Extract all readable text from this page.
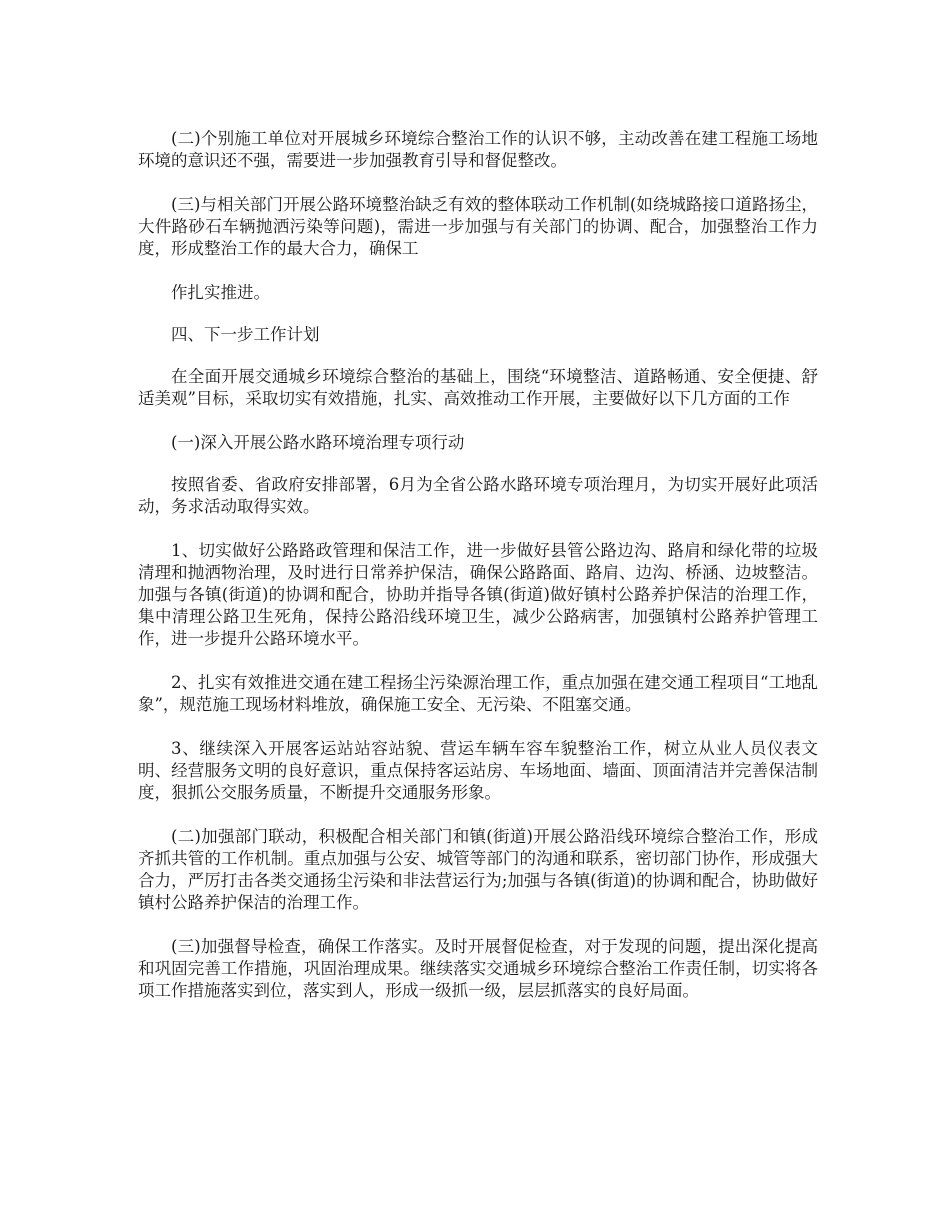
(二)个别施工单位对开展城乡环境综合整治工作的认识不够，主动改善在建工程施工场地环境的意识还不强，需要进一步加强教育引导和督促整改。

(三)与相关部门开展公路环境整治缺乏有效的整体联动工作机制(如绕城路接口道路扬尘，大件路砂石车辆抛洒污染等问题)，需进一步加强与有关部门的协调、配合，加强整治工作力度，形成整治工作的最大合力，确保工

作扎实推进。

四、下一步工作计划

在全面开展交通城乡环境综合整治的基础上，围绕“环境整洁、道路畅通、安全便捷、舒适美观”目标，采取切实有效措施，扎实、高效推动工作开展，主要做好以下几方面的工作

(一)深入开展公路水路环境治理专项行动

按照省委、省政府安排部署，6月为全省公路水路环境专项治理月，为切实开展好此项活动，务求活动取得实效。

1、切实做好公路路政管理和保洁工作，进一步做好县管公路边沟、路肩和绿化带的垃圾清理和抛洒物治理，及时进行日常养护保洁，确保公路路面、路肩、边沟、桥涵、边坡整洁。加强与各镇(街道)的协调和配合，协助并指导各镇(街道)做好镇村公路养护保洁的治理工作，集中清理公路卫生死角，保持公路沿线环境卫生，减少公路病害，加强镇村公路养护管理工作，进一步提升公路环境水平。

2、扎实有效推进交通在建工程扬尘污染源治理工作，重点加强在建交通工程项目“工地乱象”，规范施工现场材料堆放，确保施工安全、无污染、不阻塞交通。

3、继续深入开展客运站站容站貌、营运车辆车容车貌整治工作，树立从业人员仪表文明、经营服务文明的良好意识，重点保持客运站房、车场地面、墙面、顶面清洁并完善保洁制度，狠抓公交服务质量，不断提升交通服务形象。

(二)加强部门联动，积极配合相关部门和镇(街道)开展公路沿线环境综合整治工作，形成齐抓共管的工作机制。重点加强与公安、城管等部门的沟通和联系，密切部门协作，形成强大合力，严厉打击各类交通扬尘污染和非法营运行为;加强与各镇(街道)的协调和配合，协助做好镇村公路养护保洁的治理工作。

(三)加强督导检查，确保工作落实。及时开展督促检查，对于发现的问题，提出深化提高和巩固完善工作措施，巩固治理成果。继续落实交通城乡环境综合整治工作责任制，切实将各项工作措施落实到位，落实到人，形成一级抓一级，层层抓落实的良好局面。
